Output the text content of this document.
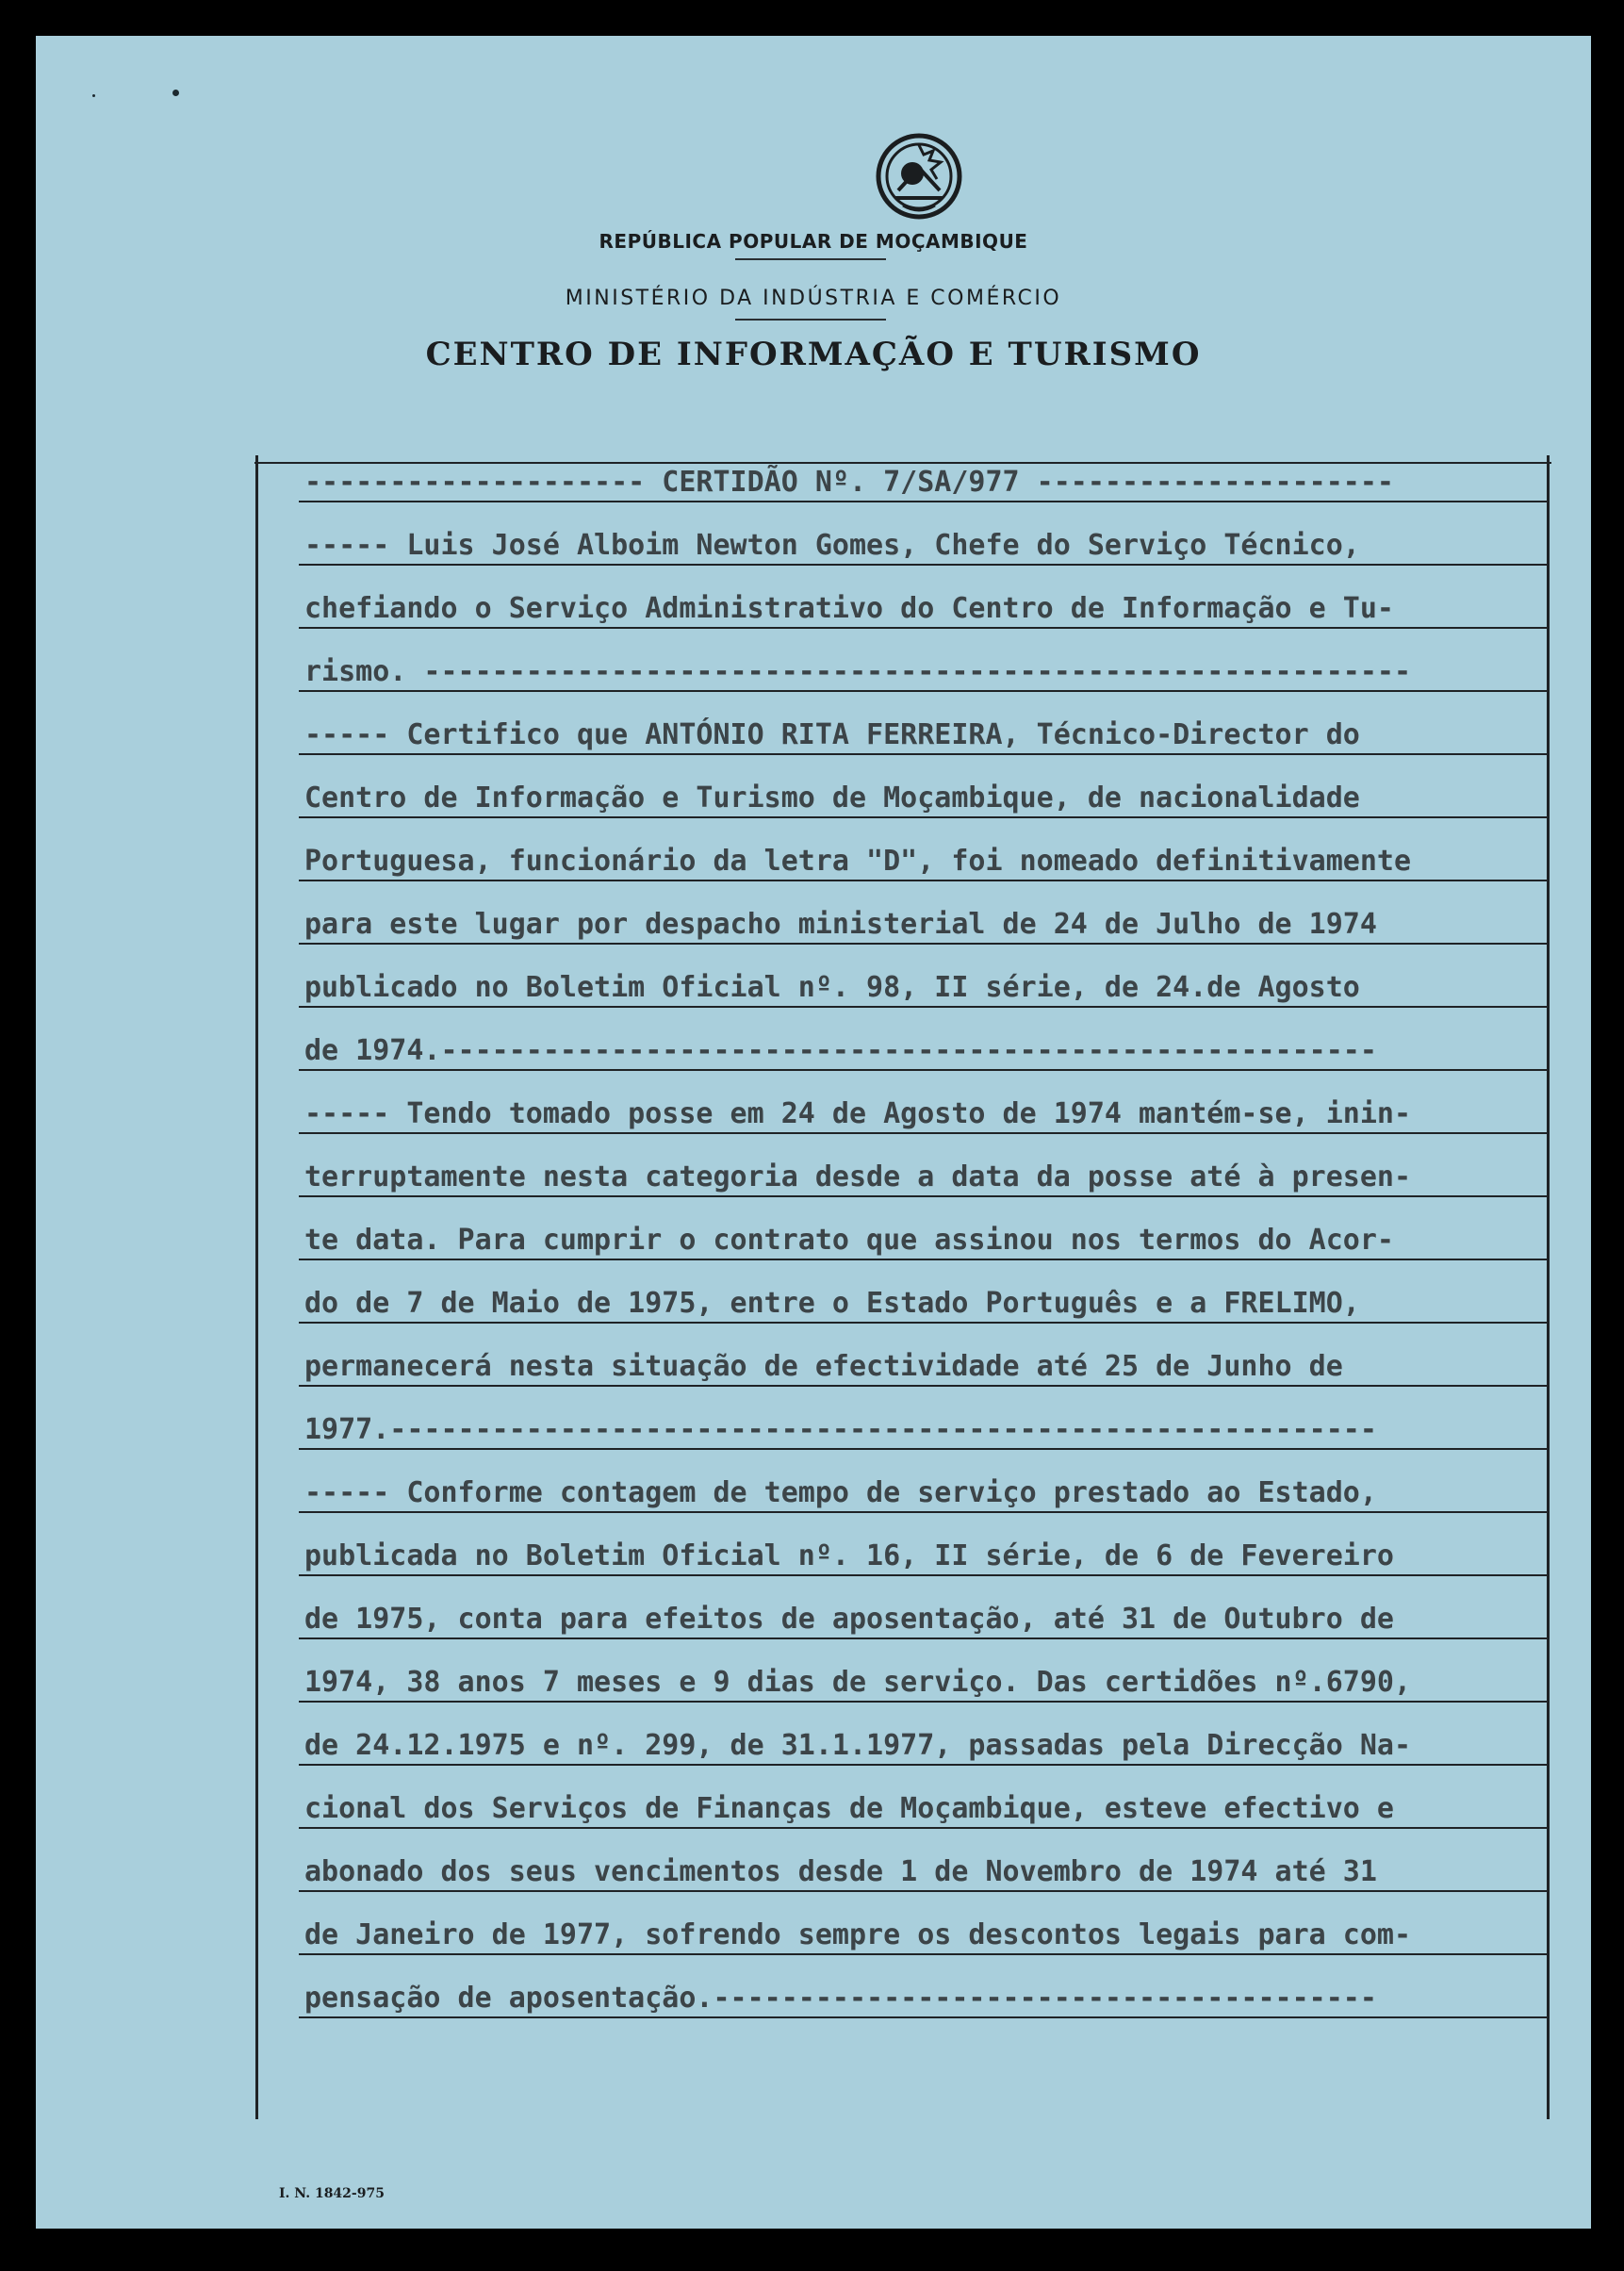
REPÚBLICA POPULAR DE MOÇAMBIQUE

MINISTÉRIO DA INDÚSTRIA E COMÉRCIO

CENTRO DE INFORMAÇÃO E TURISMO

-------------------- CERTIDÃO Nº. 7/SA/977 ---------------------
----- Luis José Alboim Newton Gomes, Chefe do Serviço Técnico,
chefiando o Serviço Administrativo do Centro de Informação e Tu-
rismo. ----------------------------------------------------------
----- Certifico que ANTÓNIO RITA FERREIRA, Técnico-Director do
Centro de Informação e Turismo de Moçambique, de nacionalidade
Portuguesa, funcionário da letra "D", foi nomeado definitivamente
para este lugar por despacho ministerial de 24 de Julho de 1974
publicado no Boletim Oficial nº. 98, II série, de 24.de Agosto
de 1974.-------------------------------------------------------
----- Tendo tomado posse em 24 de Agosto de 1974 mantém-se, inin-
terruptamente nesta categoria desde a data da posse até à presen-
te data. Para cumprir o contrato que assinou nos termos do Acor-
do de 7 de Maio de 1975, entre o Estado Português e a FRELIMO,
permanecerá nesta situação de efectividade até 25 de Junho de
1977.----------------------------------------------------------
----- Conforme contagem de tempo de serviço prestado ao Estado,
publicada no Boletim Oficial nº. 16, II série, de 6 de Fevereiro
de 1975, conta para efeitos de aposentação, até 31 de Outubro de
1974, 38 anos 7 meses e 9 dias de serviço. Das certidões nº.6790,
de 24.12.1975 e nº. 299, de 31.1.1977, passadas pela Direcção Na-
cional dos Serviços de Finanças de Moçambique, esteve efectivo e
abonado dos seus vencimentos desde 1 de Novembro de 1974 até 31
de Janeiro de 1977, sofrendo sempre os descontos legais para com-
pensação de aposentação.---------------------------------------
I. N. 1842-975
